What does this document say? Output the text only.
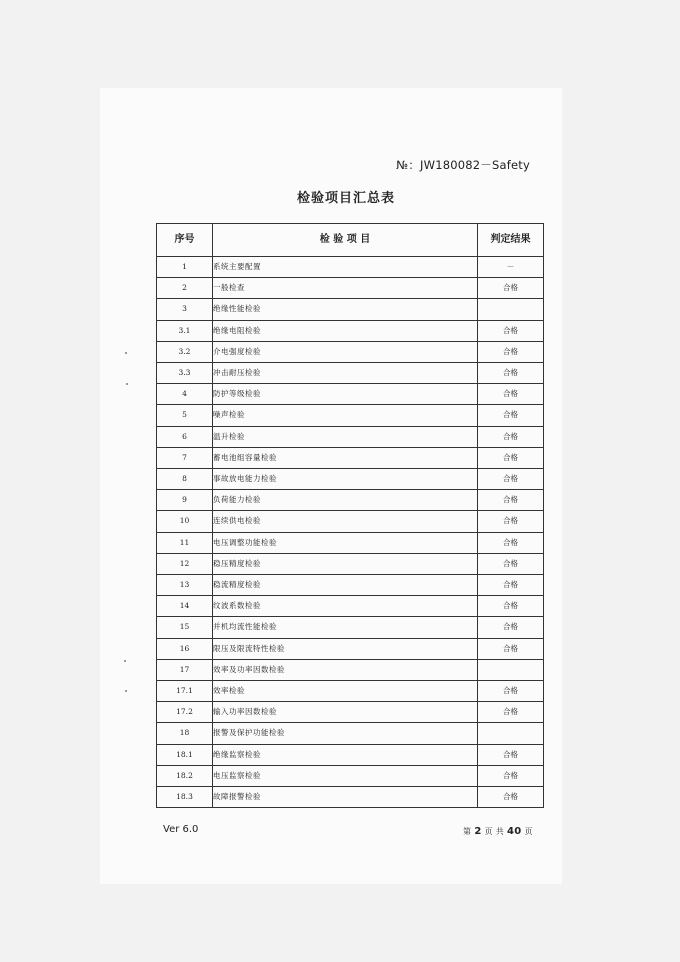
№：JW180082－Safety
检验项目汇总表
序号	检 验 项 目	判定结果
1	系统主要配置	－
2	一般检查	合格
3	绝缘性能检验	
3.1	绝缘电阻检验	合格
3.2	介电强度检验	合格
3.3	冲击耐压检验	合格
4	防护等级检验	合格
5	噪声检验	合格
6	温升检验	合格
7	蓄电池组容量检验	合格
8	事故放电能力检验	合格
9	负荷能力检验	合格
10	连续供电检验	合格
11	电压调整功能检验	合格
12	稳压精度检验	合格
13	稳流精度检验	合格
14	纹波系数检验	合格
15	并机均流性能检验	合格
16	限压及限流特性检验	合格
17	效率及功率因数检验	
17.1	效率检验	合格
17.2	输入功率因数检验	合格
18	报警及保护功能检验	
18.1	绝缘监察检验	合格
18.2	电压监察检验	合格
18.3	故障报警检验	合格
Ver 6.0	第 2 页 共 40 页
